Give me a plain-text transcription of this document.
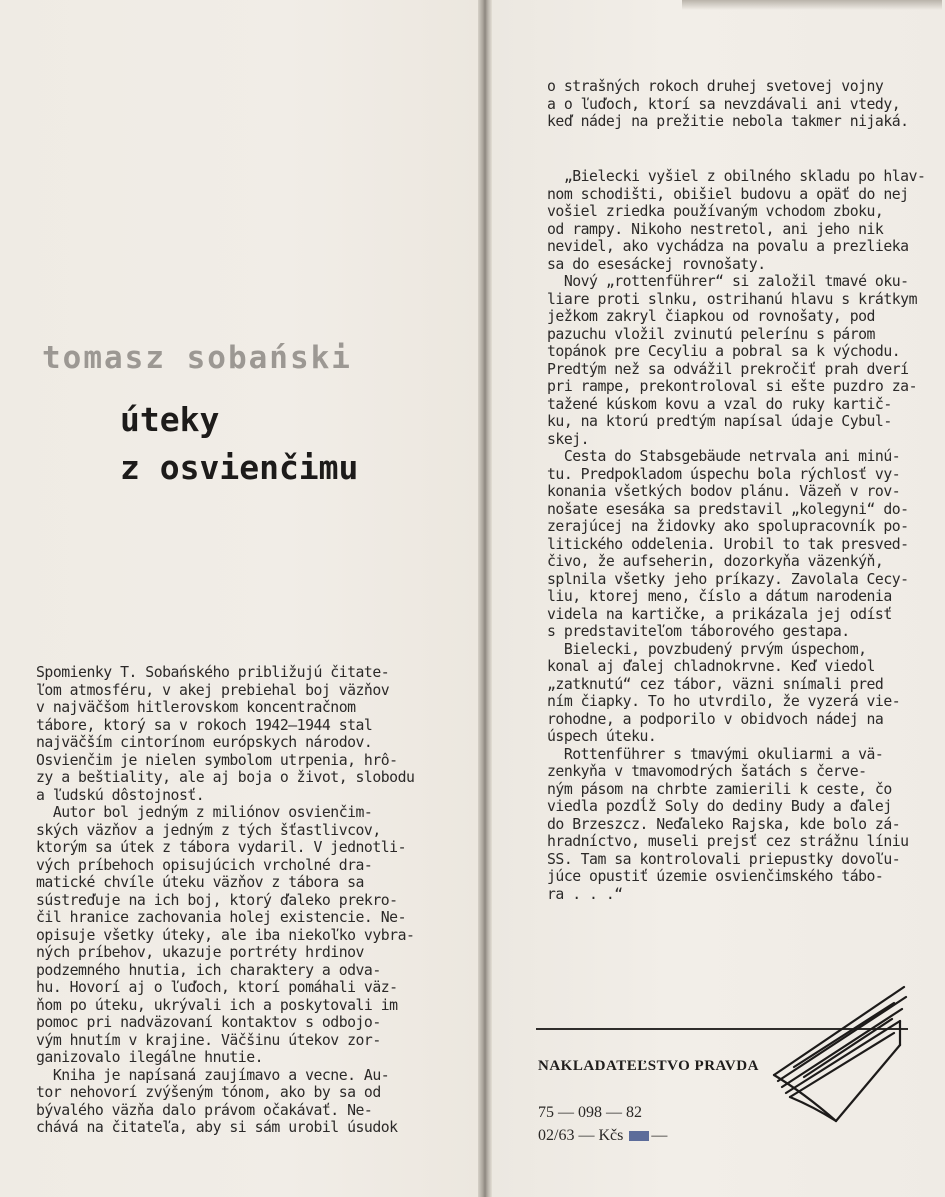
tomasz sobański
úteky
z osvienčimu
Spomienky T. Sobańského približujú čitate-
ľom atmosféru, v akej prebiehal boj väzňov
v najväčšom hitlerovskom koncentračnom
tábore, ktorý sa v rokoch 1942—1944 stal
najväčším cintorínom európskych národov.
Osvienčim je nielen symbolom utrpenia, hrô-
zy a beštiality, ale aj boja o život, slobodu
a ľudskú dôstojnosť.
Autor bol jedným z miliónov osvienčim-
ských väzňov a jedným z tých šťastlivcov,
ktorým sa útek z tábora vydaril. V jednotli-
vých príbehoch opisujúcich vrcholné dra-
matické chvíle úteku väzňov z tábora sa
sústreďuje na ich boj, ktorý ďaleko prekro-
čil hranice zachovania holej existencie. Ne-
opisuje všetky úteky, ale iba niekoľko vybra-
ných príbehov, ukazuje portréty hrdinov
podzemného hnutia, ich charaktery a odva-
hu. Hovorí aj o ľuďoch, ktorí pomáhali väz-
ňom po úteku, ukrývali ich a poskytovali im
pomoc pri nadväzovaní kontaktov s odbojo-
vým hnutím v krajine. Väčšinu útekov zor-
ganizovalo ilegálne hnutie.
Kniha je napísaná zaujímavo a vecne. Au-
tor nehovorí zvýšeným tónom, ako by sa od
bývalého väzňa dalo právom očakávať. Ne-
chává na čitateľa, aby si sám urobil úsudok
o strašných rokoch druhej svetovej vojny
a o ľuďoch, ktorí sa nevzdávali ani vtedy,
keď nádej na prežitie nebola takmer nijaká.
„Bielecki vyšiel z obilného skladu po hlav-
nom schodišti, obišiel budovu a opäť do nej
vošiel zriedka používaným vchodom zboku,
od rampy. Nikoho nestretol, ani jeho nik
nevidel, ako vychádza na povalu a prezlieka
sa do esesáckej rovnošaty.
Nový „rottenführer“ si založil tmavé oku-
liare proti slnku, ostrihanú hlavu s krátkym
ježkom zakryl čiapkou od rovnošaty, pod
pazuchu vložil zvinutú pelerínu s párom
topánok pre Cecyliu a pobral sa k východu.
Predtým než sa odvážil prekročiť prah dverí
pri rampe, prekontroloval si ešte puzdro za-
tažené kúskom kovu a vzal do ruky kartič-
ku, na ktorú predtým napísal údaje Cybul-
skej.
Cesta do Stabsgebäude netrvala ani minú-
tu. Predpokladom úspechu bola rýchlosť vy-
konania všetkých bodov plánu. Väzeň v rov-
nošate esesáka sa predstavil „kolegyni“ do-
zerajúcej na židovky ako spolupracovník po-
litického oddelenia. Urobil to tak presved-
čivo, že aufseherin, dozorkyňa väzenkýň,
splnila všetky jeho príkazy. Zavolala Cecy-
liu, ktorej meno, číslo a dátum narodenia
videla na kartičke, a prikázala jej odísť
s predstaviteľom táborového gestapa.
Bielecki, povzbudený prvým úspechom,
konal aj ďalej chladnokrvne. Keď viedol
„zatknutú“ cez tábor, väzni snímali pred
ním čiapky. To ho utvrdilo, že vyzerá vie-
rohodne, a podporilo v obidvoch nádej na
úspech úteku.
Rottenführer s tmavými okuliarmi a vä-
zenkyňa v tmavomodrých šatách s červe-
ným pásom na chrbte zamierili k ceste, čo
viedla pozdĺž Soly do dediny Budy a ďalej
do Brzeszcz. Neďaleko Rajska, kde bolo zá-
hradníctvo, museli prejsť cez strážnu líniu
SS. Tam sa kontrolovali priepustky dovoľu-
júce opustiť územie osvienčimského tábo-
ra . . .“
NAKLADATEĽSTVO PRAVDA
75 — 098 — 82
02/63 — Kčs —
